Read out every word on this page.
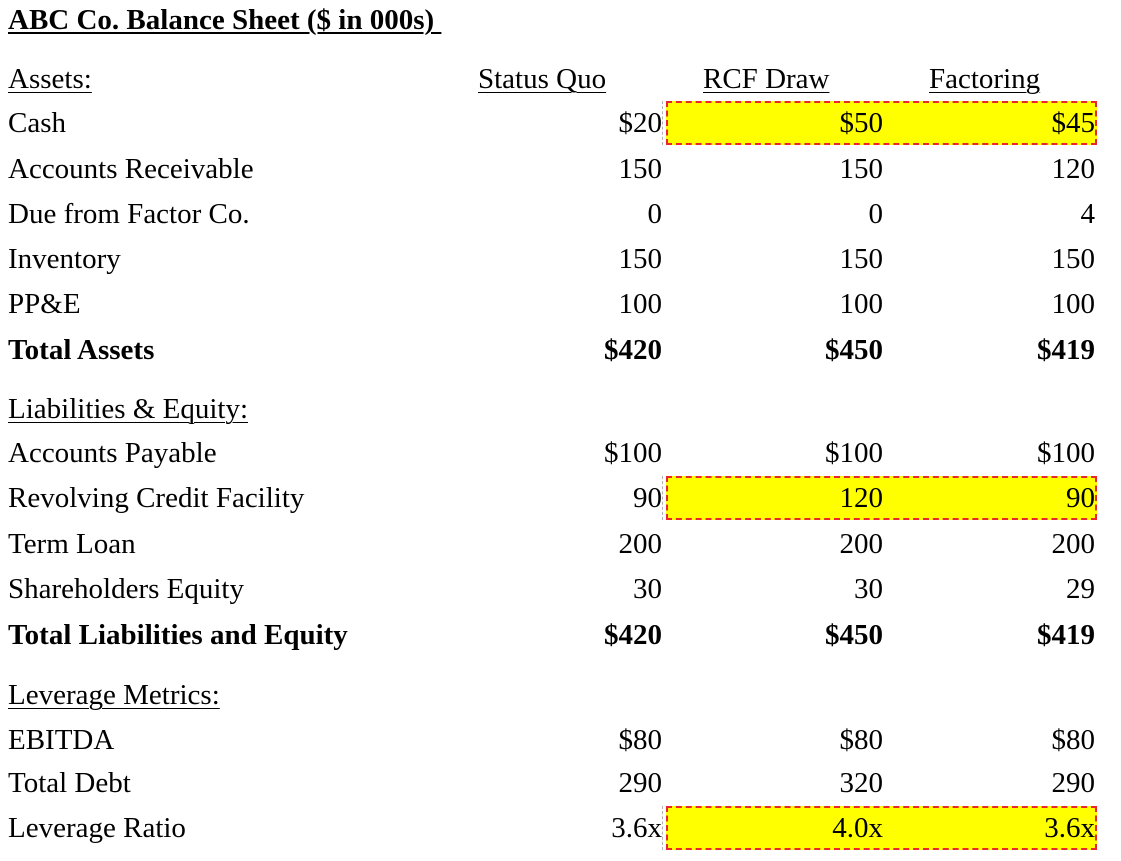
ABC Co. Balance Sheet ($ in 000s)
Assets:	Status Quo	RCF Draw	Factoring
Cash	$20	$50	$45
Accounts Receivable	150	150	120
Due from Factor Co.	0	0	4
Inventory	150	150	150
PP&E	100	100	100
Total Assets	$420	$450	$419
Liabilities & Equity:
Accounts Payable	$100	$100	$100
Revolving Credit Facility	90	120	90
Term Loan	200	200	200
Shareholders Equity	30	30	29
Total Liabilities and Equity	$420	$450	$419
Leverage Metrics:
EBITDA	$80	$80	$80
Total Debt	290	320	290
Leverage Ratio	3.6x	4.0x	3.6x
